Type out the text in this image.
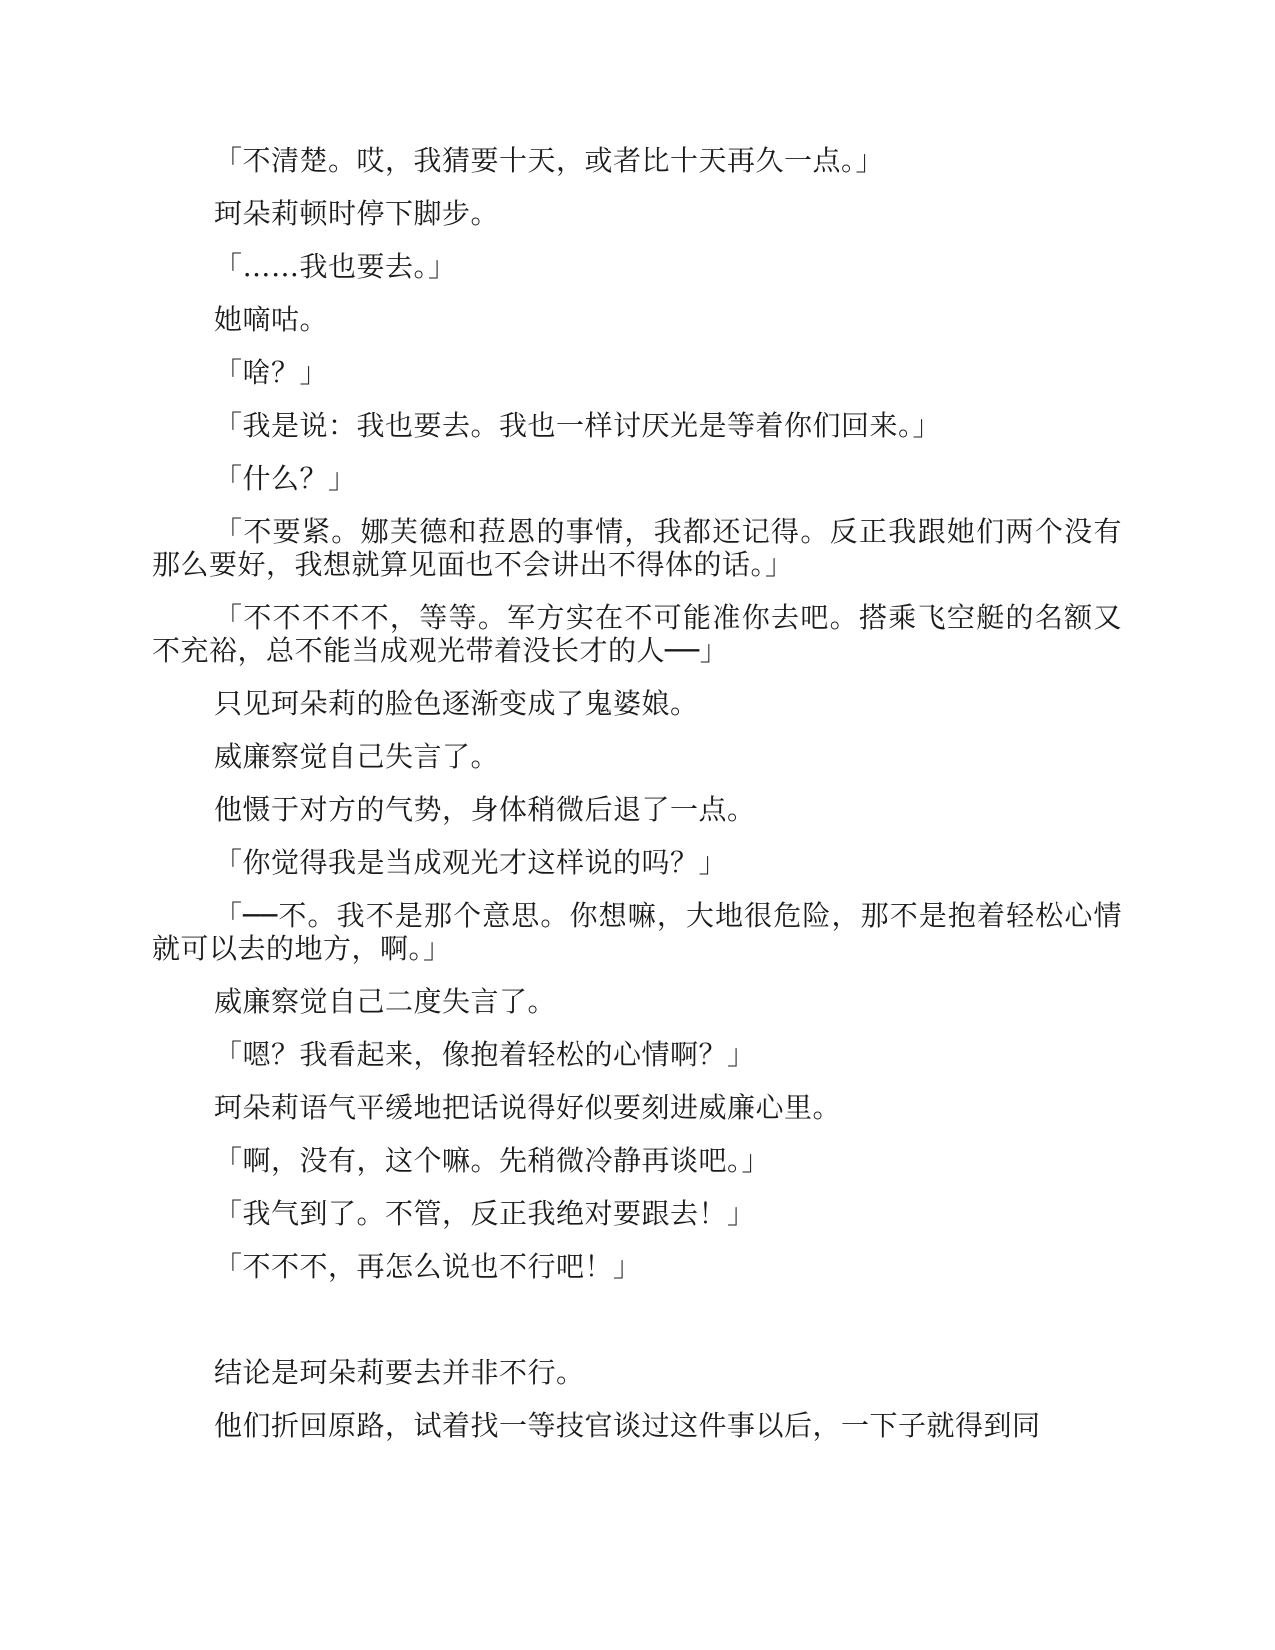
「不清楚。哎，我猜要十天，或者比十天再久一点。」

珂朵莉顿时停下脚步。

「……我也要去。」

她嘀咕。

「啥？」

「我是说：我也要去。我也一样讨厌光是等着你们回来。」

「什么？」

「不要紧。娜芙德和菈恩的事情，我都还记得。反正我跟她们两个没有那么要好，我想就算见面也不会讲出不得体的话。」

「不不不不不，等等。军方实在不可能准你去吧。搭乘飞空艇的名额又不充裕，总不能当成观光带着没长才的人──」

只见珂朵莉的脸色逐渐变成了鬼婆娘。

威廉察觉自己失言了。

他慑于对方的气势，身体稍微后退了一点。

「你觉得我是当成观光才这样说的吗？」

「──不。我不是那个意思。你想嘛，大地很危险，那不是抱着轻松心情就可以去的地方，啊。」

威廉察觉自己二度失言了。

「嗯？我看起来，像抱着轻松的心情啊？」

珂朵莉语气平缓地把话说得好似要刻进威廉心里。

「啊，没有，这个嘛。先稍微冷静再谈吧。」

「我气到了。不管，反正我绝对要跟去！」

「不不不，再怎么说也不行吧！」

结论是珂朵莉要去并非不行。

他们折回原路，试着找一等技官谈过这件事以后，一下子就得到同
